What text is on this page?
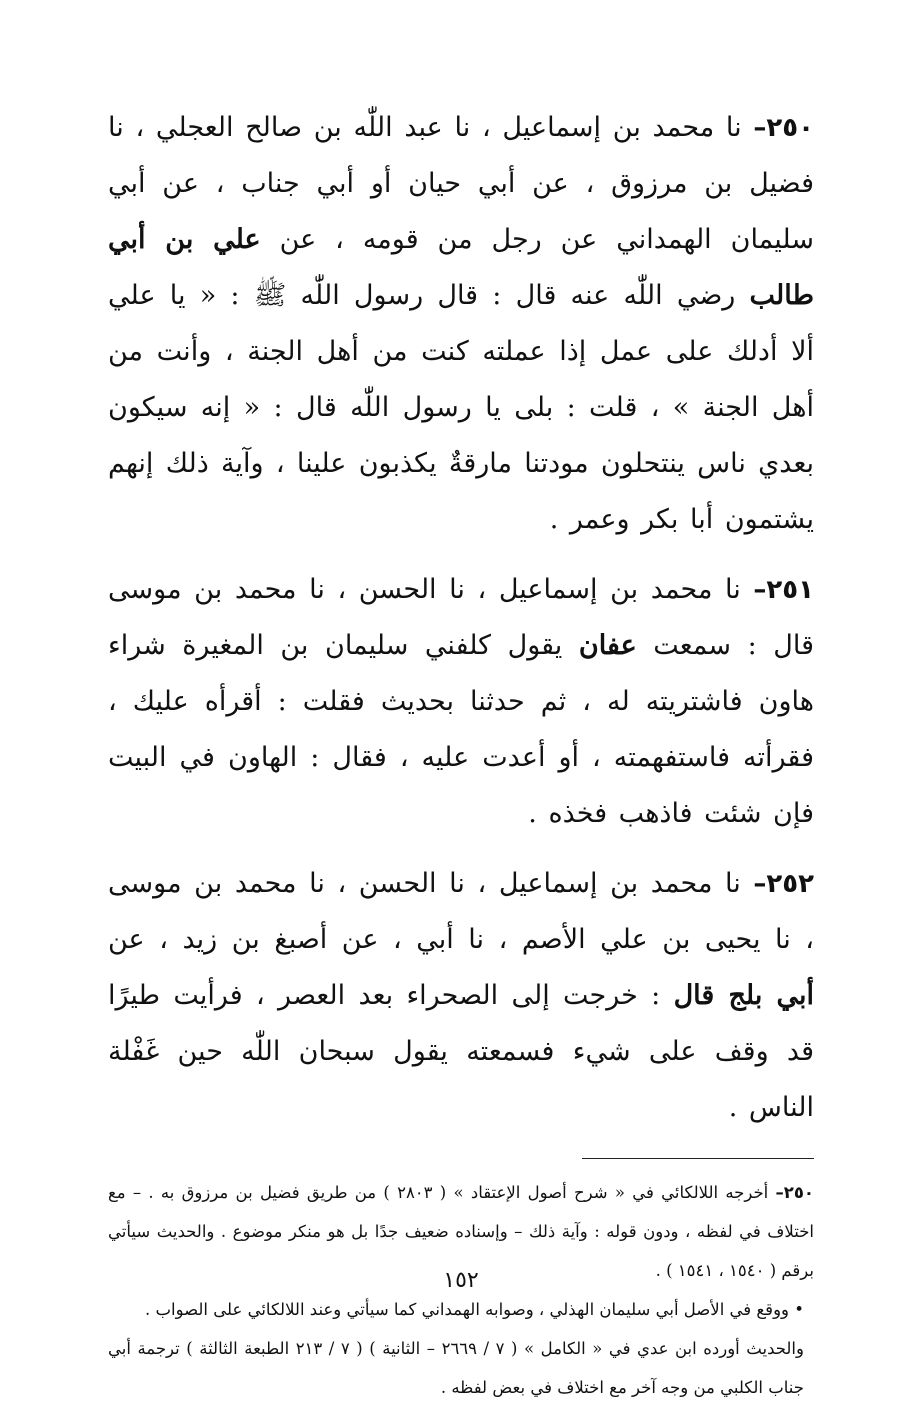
٢٥٠– نا محمد بن إسماعيل ، نا عبد اللّٰه بن صالح العجلي ، نا فضيل بن مرزوق ، عن أبي حيان أو أبي جناب ، عن أبي سليمان الهمداني عن رجل من قومه ، عن علي بن أبي طالب رضي اللّٰه عنه قال : قال رسول اللّٰه ﷺ : « يا علي ألا أدلك على عمل إذا عملته كنت من أهل الجنة ، وأنت من أهل الجنة » ، قلت : بلى يا رسول اللّٰه قال : « إنه سيكون بعدي ناس ينتحلون مودتنا مارقةٌ يكذبون علينا ، وآية ذلك إنهم يشتمون أبا بكر وعمر .

٢٥١– نا محمد بن إسماعيل ، نا الحسن ، نا محمد بن موسى قال : سمعت عفان يقول كلفني سليمان بن المغيرة شراء هاون فاشتريته له ، ثم حدثنا بحديث فقلت : أقرأه عليك ، فقرأته فاستفهمته ، أو أعدت عليه ، فقال : الهاون في البيت فإن شئت فاذهب فخذه .

٢٥٢– نا محمد بن إسماعيل ، نا الحسن ، نا محمد بن موسى ، نا يحيى بن علي الأصم ، نا أبي ، عن أصبغ بن زيد ، عن أبي بلج قال : خرجت إلى الصحراء بعد العصر ، فرأيت طيرًا قد وقف على شيء فسمعته يقول سبحان اللّٰه حين غَفْلة الناس .

٢٥٠– أخرجه اللالكائي في « شرح أصول الإعتقاد » ( ٢٨٠٣ ) من طريق فضيل بن مرزوق به . – مع اختلاف في لفظه ، ودون قوله : وآية ذلك – وإسناده ضعيف جدًا بل هو منكر موضوع . والحديث سيأتي برقم ( ١٥٤٠ ، ١٥٤١ ) .

• ووقع في الأصل أبي سليمان الهذلي ، وصوابه الهمداني كما سيأتي وعند اللالكائي على الصواب .

والحديث أورده ابن عدي في « الكامل » ( ٧ / ٢٦٦٩ – الثانية ) ( ٧ / ٢١٣ الطبعة الثالثة ) ترجمة أبي جناب الكلبي من وجه آخر مع اختلاف في بعض لفظه .

١٥٢
